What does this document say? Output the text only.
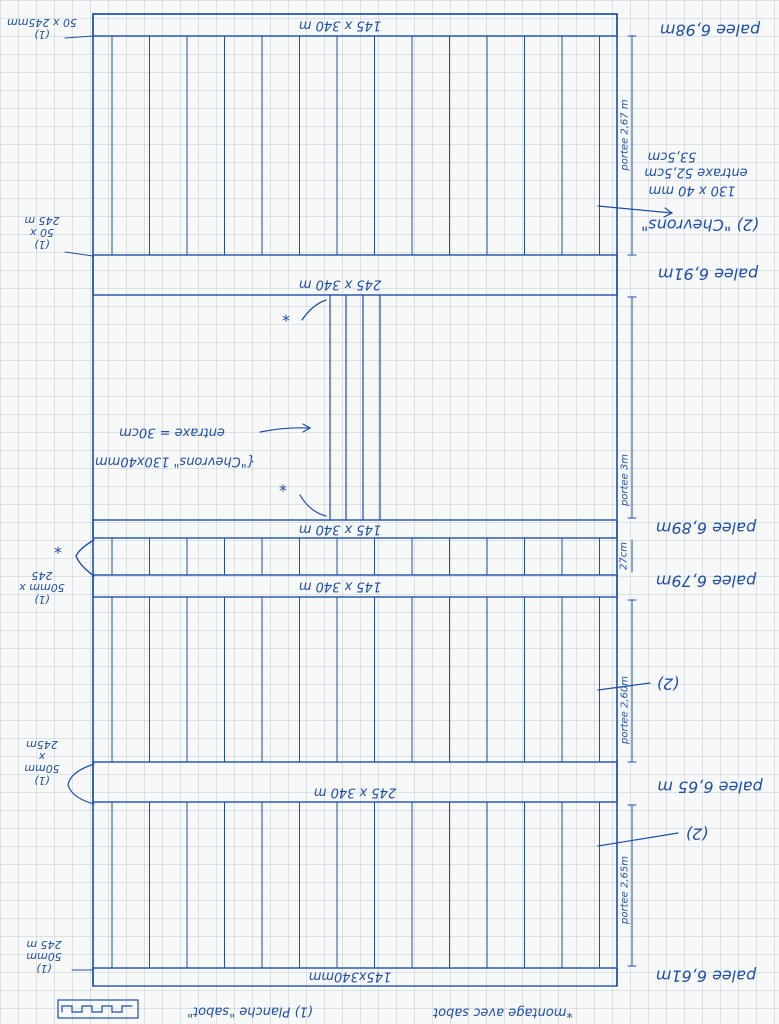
145 x 340 m
245 x 340 m
145 x 340 m
145 x 340 m
245 x 340 m
145x340mm
palee 6,98m
palee 6,91m
palee 6,89m
palee 6,79m
palee 6,65 m
palee 6,61m
portee 2,67 m
portee 3m
27cm
portee 2,60m
portee 2,65m
(2) "Chevrons"
130 x 40 mm
entraxe 52,5cm
53,5cm
{"Chevrons" 130x40mm
entraxe = 30cm
*
*
*
(2)
(2)
(1)
50 x 245mm
(1)
50 x
245 m
(1)
50mm x
245
(1)
50mm
x
245m
(1)
50mm
245 m
(1) Planche "sabot"	*montage avec sabot
